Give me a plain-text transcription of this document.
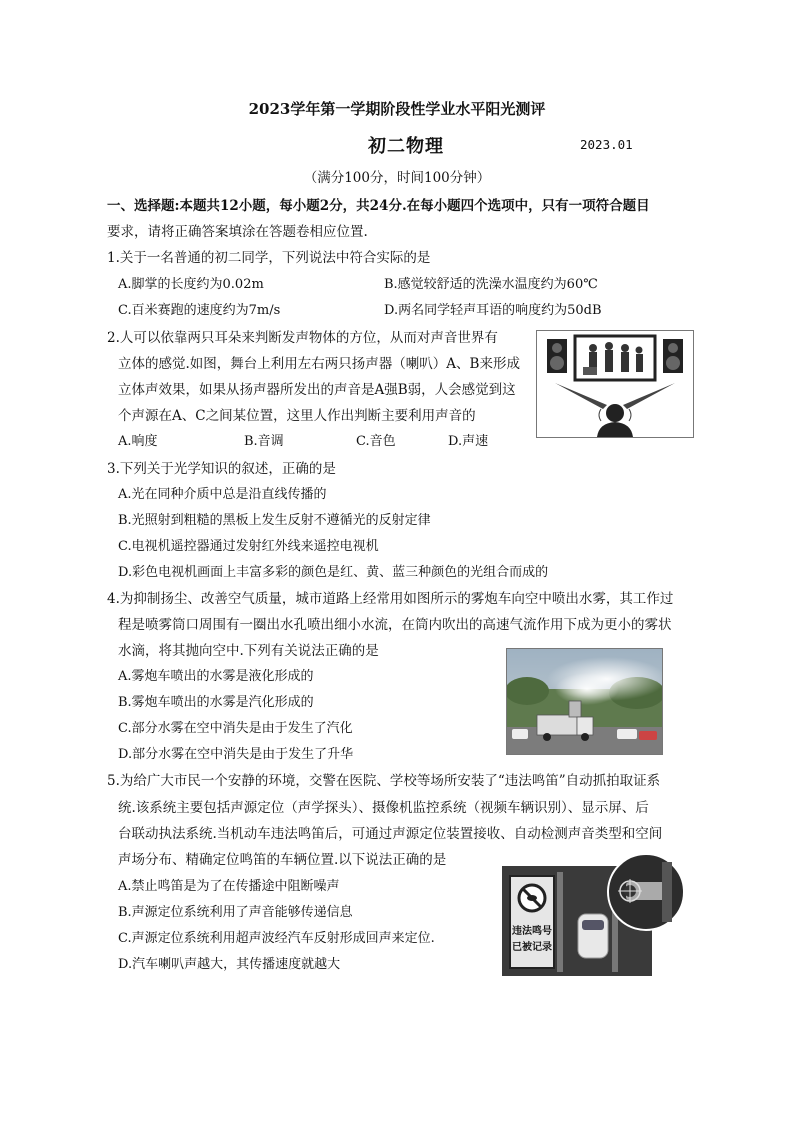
2023学年第一学期阶段性学业水平阳光测评
初二物理	2023.01
（满分100分，时间100分钟）
一、选择题:本题共12小题，每小题2分，共24分.在每小题四个选项中，只有一项符合题目
要求，请将正确答案填涂在答题卷相应位置.
1.关于一名普通的初二同学，下列说法中符合实际的是
A.脚掌的长度约为0.02m	B.感觉较舒适的洗澡水温度约为60℃
C.百米赛跑的速度约为7m/s	D.两名同学轻声耳语的响度约为50dB
2.人可以依靠两只耳朵来判断发声物体的方位，从而对声音世界有
立体的感觉.如图，舞台上利用左右两只扬声器（喇叭）A、B来形成
立体声效果，如果从扬声器所发出的声音是A强B弱，人会感觉到这
个声源在A、C之间某位置，这里人作出判断主要利用声音的
A.响度	B.音调	C.音色	D.声速
3.下列关于光学知识的叙述，正确的是
A.光在同种介质中总是沿直线传播的
B.光照射到粗糙的黑板上发生反射不遵循光的反射定律
C.电视机遥控器通过发射红外线来遥控电视机
D.彩色电视机画面上丰富多彩的颜色是红、黄、蓝三种颜色的光组合而成的
4.为抑制扬尘、改善空气质量，城市道路上经常用如图所示的雾炮车向空中喷出水雾，其工作过
程是喷雾筒口周围有一圈出水孔喷出细小水流，在筒内吹出的高速气流作用下成为更小的雾状
水滴，将其抛向空中.下列有关说法正确的是
A.雾炮车喷出的水雾是液化形成的
B.雾炮车喷出的水雾是汽化形成的
C.部分水雾在空中消失是由于发生了汽化
D.部分水雾在空中消失是由于发生了升华
5.为给广大市民一个安静的环境，交警在医院、学校等场所安装了“违法鸣笛”自动抓拍取证系
统.该系统主要包括声源定位（声学探头）、摄像机监控系统（视频车辆识别）、显示屏、后
台联动执法系统.当机动车违法鸣笛后，可通过声源定位装置接收、自动检测声音类型和空间
声场分布、精确定位鸣笛的车辆位置.以下说法正确的是
A.禁止鸣笛是为了在传播途中阻断噪声
B.声源定位系统利用了声音能够传递信息
C.声源定位系统利用超声波经汽车反射形成回声来定位.
D.汽车喇叭声越大，其传播速度就越大
违法鸣号
已被记录
